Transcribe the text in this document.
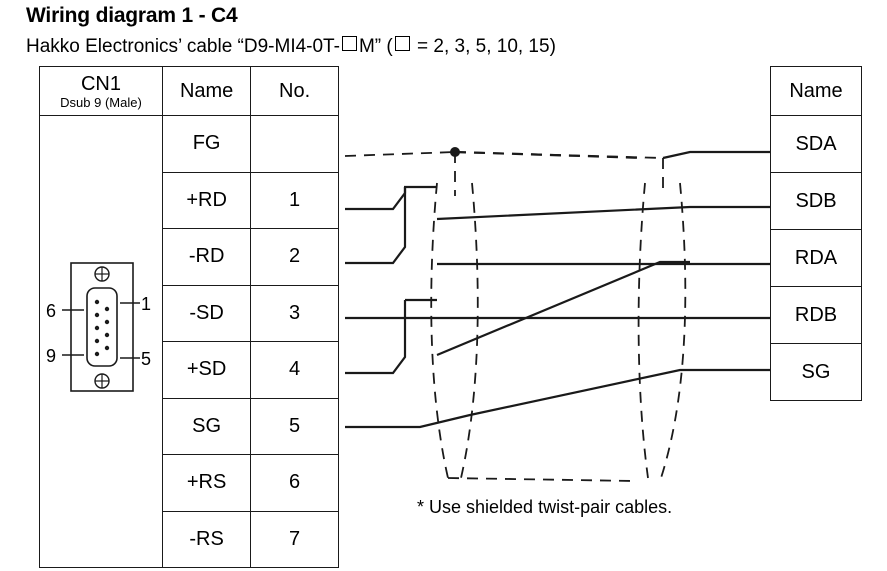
Wiring diagram 1 - C4
Hakko Electronics’ cable “D9-MI4-0T- M” ( = 2, 3, 5, 10, 15)
CN1
Dsub 9 (Male)	Name	No.

	FG	
	+RD	1
	-RD	2
	-SD	3
	+SD	4
	SG	5
	+RS	6
	-RS	7
Name
SDA
SDB
RDA
RDB
SG
* Use shielded twist-pair cables.
6	1
9	5
